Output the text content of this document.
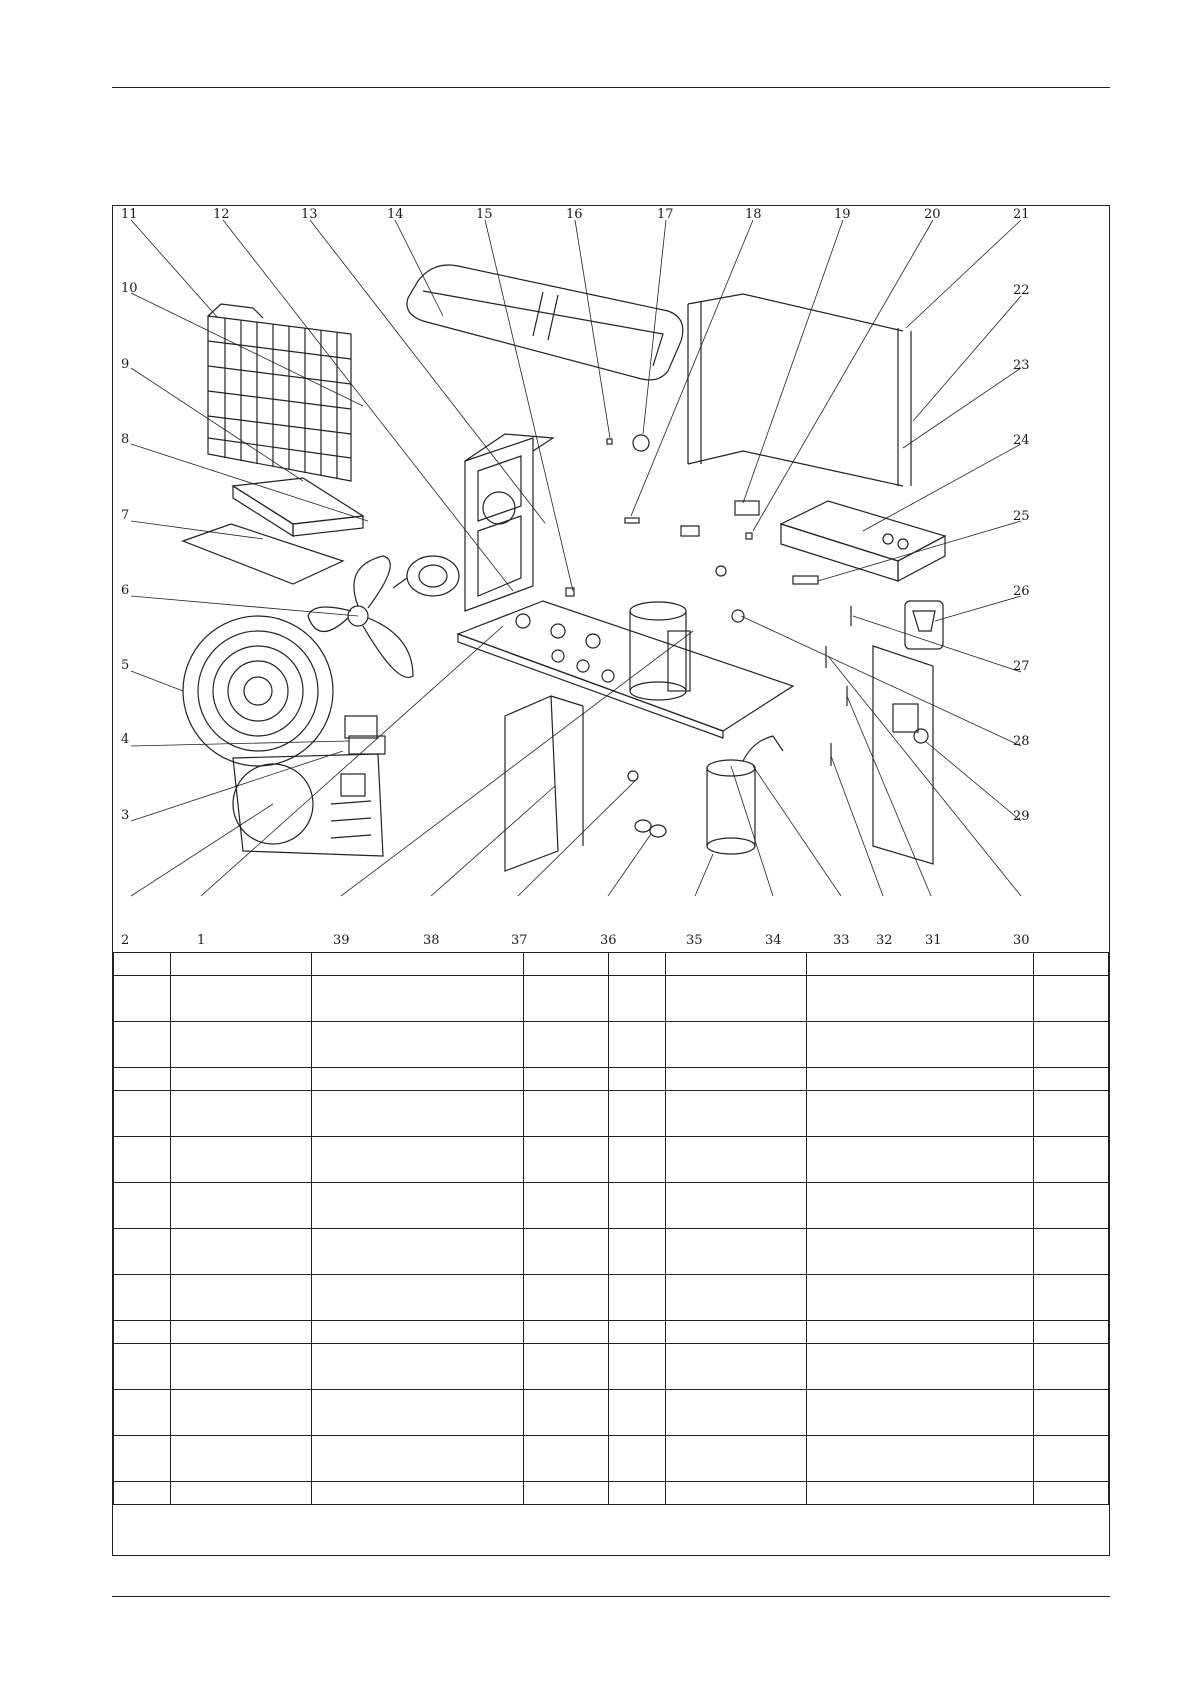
11	12	13	14	15	16	17	18	19	20	21
22
23
24
25
26
27
28
29
30
31
32
33
34
35
36
37
38
39
1
2
3
4
5
6
7
8
9
10
